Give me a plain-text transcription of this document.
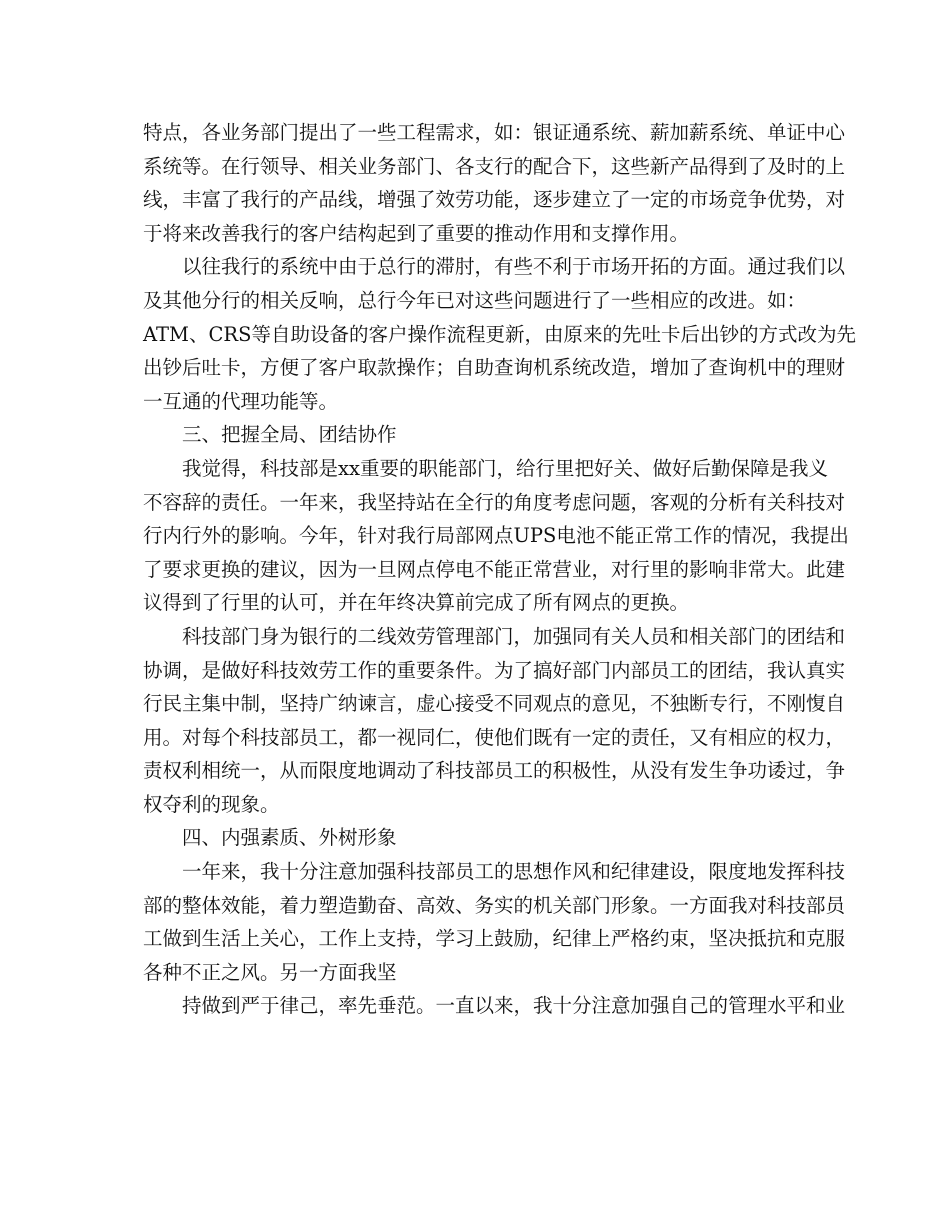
特点，各业务部门提出了一些工程需求，如：银证通系统、薪加薪系统、单证中心
系统等。在行领导、相关业务部门、各支行的配合下，这些新产品得到了及时的上
线，丰富了我行的产品线，增强了效劳功能，逐步建立了一定的市场竞争优势，对
于将来改善我行的客户结构起到了重要的推动作用和支撑作用。
以往我行的系统中由于总行的滞肘，有些不利于市场开拓的方面。通过我们以
及其他分行的相关反响，总行今年已对这些问题进行了一些相应的改进。如：
ATM、CRS等自助设备的客户操作流程更新，由原来的先吐卡后出钞的方式改为先
出钞后吐卡，方便了客户取款操作；自助查询机系统改造，增加了查询机中的理财
一互通的代理功能等。
三、把握全局、团结协作
我觉得，科技部是xx重要的职能部门，给行里把好关、做好后勤保障是我义
不容辞的责任。一年来，我坚持站在全行的角度考虑问题，客观的分析有关科技对
行内行外的影响。今年，针对我行局部网点UPS电池不能正常工作的情况，我提出
了要求更换的建议，因为一旦网点停电不能正常营业，对行里的影响非常大。此建
议得到了行里的认可，并在年终决算前完成了所有网点的更换。
科技部门身为银行的二线效劳管理部门，加强同有关人员和相关部门的团结和
协调，是做好科技效劳工作的重要条件。为了搞好部门内部员工的团结，我认真实
行民主集中制，坚持广纳谏言，虚心接受不同观点的意见，不独断专行，不刚愎自
用。对每个科技部员工，都一视同仁，使他们既有一定的责任，又有相应的权力，
责权利相统一，从而限度地调动了科技部员工的积极性，从没有发生争功诿过，争
权夺利的现象。
四、内强素质、外树形象
一年来，我十分注意加强科技部员工的思想作风和纪律建设，限度地发挥科技
部的整体效能，着力塑造勤奋、高效、务实的机关部门形象。一方面我对科技部员
工做到生活上关心，工作上支持，学习上鼓励，纪律上严格约束，坚决抵抗和克服
各种不正之风。另一方面我坚
持做到严于律己，率先垂范。一直以来，我十分注意加强自己的管理水平和业
